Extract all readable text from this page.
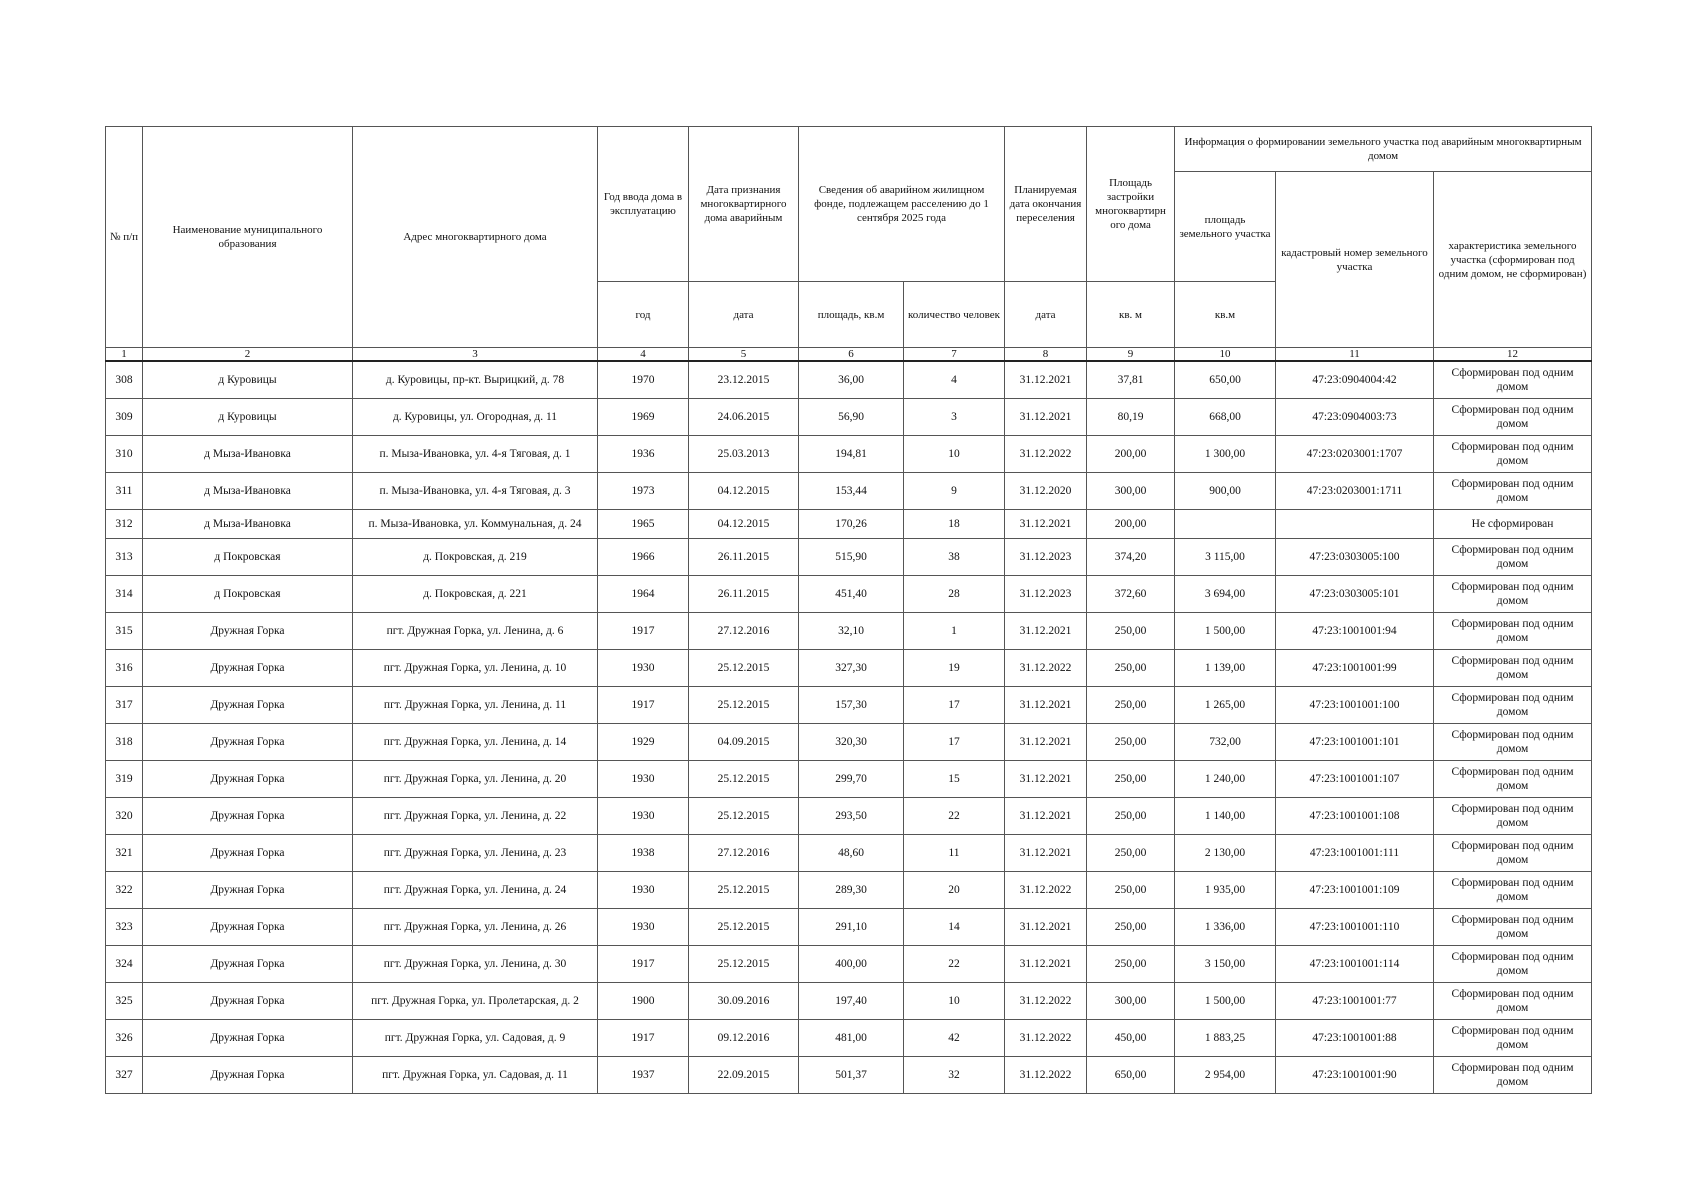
№ п/п	Наименование муниципального образования	Адрес многоквартирного дома	Год ввода дома в эксплуатацию	Дата признания многоквартирного дома аварийным	Сведения об аварийном жилищном фонде, подлежащем расселению до 1 сентября 2025 года		Планируемая дата окончания переселения	Площадь застройки многоквартирн ого дома	Информация о формировании земельного участка под аварийным многоквартирным домом		
									площадь земельного участка	кадастровый номер земельного участка	характеристика земельного участка (сформирован под одним домом, не сформирован)
			год	дата	площадь, кв.м	количество человек	дата	кв. м	кв.м		
1	2	3	4	5	6	7	8	9	10	11	12
308	д Куровицы	д. Куровицы, пр-кт. Вырицкий, д. 78	1970	23.12.2015	36,00	4	31.12.2021	37,81	650,00	47:23:0904004:42	Сформирован под одним домом
309	д Куровицы	д. Куровицы, ул. Огородная, д. 11	1969	24.06.2015	56,90	3	31.12.2021	80,19	668,00	47:23:0904003:73	Сформирован под одним домом
310	д Мыза-Ивановка	п. Мыза-Ивановка, ул. 4-я Тяговая, д. 1	1936	25.03.2013	194,81	10	31.12.2022	200,00	1 300,00	47:23:0203001:1707	Сформирован под одним домом
311	д Мыза-Ивановка	п. Мыза-Ивановка, ул. 4-я Тяговая, д. 3	1973	04.12.2015	153,44	9	31.12.2020	300,00	900,00	47:23:0203001:1711	Сформирован под одним домом
312	д Мыза-Ивановка	п. Мыза-Ивановка, ул. Коммунальная, д. 24	1965	04.12.2015	170,26	18	31.12.2021	200,00			Не сформирован
313	д Покровская	д. Покровская, д. 219	1966	26.11.2015	515,90	38	31.12.2023	374,20	3 115,00	47:23:0303005:100	Сформирован под одним домом
314	д Покровская	д. Покровская, д. 221	1964	26.11.2015	451,40	28	31.12.2023	372,60	3 694,00	47:23:0303005:101	Сформирован под одним домом
315	Дружная Горка	пгт. Дружная Горка, ул. Ленина, д. 6	1917	27.12.2016	32,10	1	31.12.2021	250,00	1 500,00	47:23:1001001:94	Сформирован под одним домом
316	Дружная Горка	пгт. Дружная Горка, ул. Ленина, д. 10	1930	25.12.2015	327,30	19	31.12.2022	250,00	1 139,00	47:23:1001001:99	Сформирован под одним домом
317	Дружная Горка	пгт. Дружная Горка, ул. Ленина, д. 11	1917	25.12.2015	157,30	17	31.12.2021	250,00	1 265,00	47:23:1001001:100	Сформирован под одним домом
318	Дружная Горка	пгт. Дружная Горка, ул. Ленина, д. 14	1929	04.09.2015	320,30	17	31.12.2021	250,00	732,00	47:23:1001001:101	Сформирован под одним домом
319	Дружная Горка	пгт. Дружная Горка, ул. Ленина, д. 20	1930	25.12.2015	299,70	15	31.12.2021	250,00	1 240,00	47:23:1001001:107	Сформирован под одним домом
320	Дружная Горка	пгт. Дружная Горка, ул. Ленина, д. 22	1930	25.12.2015	293,50	22	31.12.2021	250,00	1 140,00	47:23:1001001:108	Сформирован под одним домом
321	Дружная Горка	пгт. Дружная Горка, ул. Ленина, д. 23	1938	27.12.2016	48,60	11	31.12.2021	250,00	2 130,00	47:23:1001001:111	Сформирован под одним домом
322	Дружная Горка	пгт. Дружная Горка, ул. Ленина, д. 24	1930	25.12.2015	289,30	20	31.12.2022	250,00	1 935,00	47:23:1001001:109	Сформирован под одним домом
323	Дружная Горка	пгт. Дружная Горка, ул. Ленина, д. 26	1930	25.12.2015	291,10	14	31.12.2021	250,00	1 336,00	47:23:1001001:110	Сформирован под одним домом
324	Дружная Горка	пгт. Дружная Горка, ул. Ленина, д. 30	1917	25.12.2015	400,00	22	31.12.2021	250,00	3 150,00	47:23:1001001:114	Сформирован под одним домом
325	Дружная Горка	пгт. Дружная Горка, ул. Пролетарская, д. 2	1900	30.09.2016	197,40	10	31.12.2022	300,00	1 500,00	47:23:1001001:77	Сформирован под одним домом
326	Дружная Горка	пгт. Дружная Горка, ул. Садовая, д. 9	1917	09.12.2016	481,00	42	31.12.2022	450,00	1 883,25	47:23:1001001:88	Сформирован под одним домом
327	Дружная Горка	пгт. Дружная Горка, ул. Садовая, д. 11	1937	22.09.2015	501,37	32	31.12.2022	650,00	2 954,00	47:23:1001001:90	Сформирован под одним домом
